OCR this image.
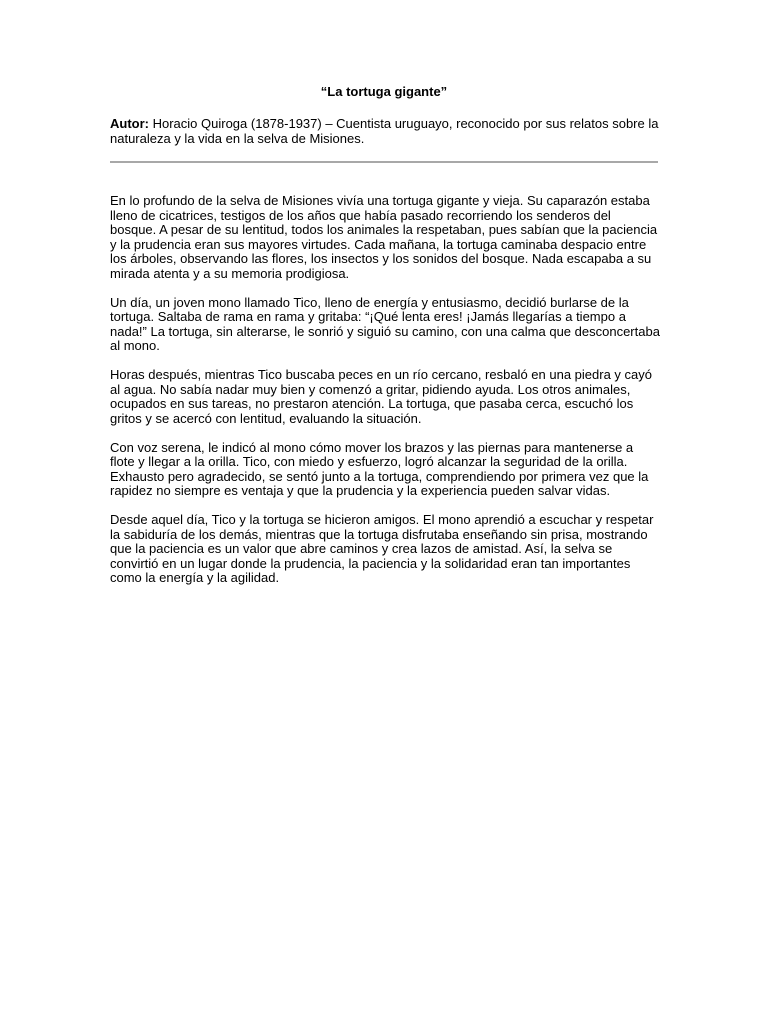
“La tortuga gigante”
Autor: Horacio Quiroga (1878-1937) – Cuentista uruguayo, reconocido por sus relatos sobre la naturaleza y la vida en la selva de Misiones.

En lo profundo de la selva de Misiones vivía una tortuga gigante y vieja. Su caparazón estaba lleno de cicatrices, testigos de los años que había pasado recorriendo los senderos del bosque. A pesar de su lentitud, todos los animales la respetaban, pues sabían que la paciencia y la prudencia eran sus mayores virtudes. Cada mañana, la tortuga caminaba despacio entre los árboles, observando las flores, los insectos y los sonidos del bosque. Nada escapaba a su mirada atenta y a su memoria prodigiosa.

Un día, un joven mono llamado Tico, lleno de energía y entusiasmo, decidió burlarse de la tortuga. Saltaba de rama en rama y gritaba: “¡Qué lenta eres! ¡Jamás llegarías a tiempo a nada!” La tortuga, sin alterarse, le sonrió y siguió su camino, con una calma que desconcertaba al mono.

Horas después, mientras Tico buscaba peces en un río cercano, resbaló en una piedra y cayó al agua. No sabía nadar muy bien y comenzó a gritar, pidiendo ayuda. Los otros animales, ocupados en sus tareas, no prestaron atención. La tortuga, que pasaba cerca, escuchó los gritos y se acercó con lentitud, evaluando la situación.

Con voz serena, le indicó al mono cómo mover los brazos y las piernas para mantenerse a flote y llegar a la orilla. Tico, con miedo y esfuerzo, logró alcanzar la seguridad de la orilla. Exhausto pero agradecido, se sentó junto a la tortuga, comprendiendo por primera vez que la rapidez no siempre es ventaja y que la prudencia y la experiencia pueden salvar vidas.

Desde aquel día, Tico y la tortuga se hicieron amigos. El mono aprendió a escuchar y respetar la sabiduría de los demás, mientras que la tortuga disfrutaba enseñando sin prisa, mostrando que la paciencia es un valor que abre caminos y crea lazos de amistad. Así, la selva se convirtió en un lugar donde la prudencia, la paciencia y la solidaridad eran tan importantes como la energía y la agilidad.
